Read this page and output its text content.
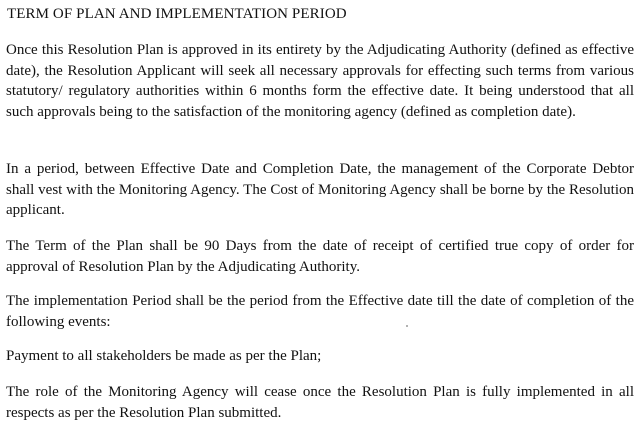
TERM OF PLAN AND IMPLEMENTATION PERIOD

Once this Resolution Plan is approved in its entirety by the Adjudicating Authority (defined as effective date), the Resolution Applicant will seek all necessary approvals for effecting such terms from various statutory/ regulatory authorities within 6 months form the effective date. It being understood that all such approvals being to the satisfaction of the monitoring agency (defined as completion date).

In a period, between Effective Date and Completion Date, the management of the Corporate Debtor shall vest with the Monitoring Agency. The Cost of Monitoring Agency shall be borne by the Resolution applicant.

The Term of the Plan shall be 90 Days from the date of receipt of certified true copy of order for approval of Resolution Plan by the Adjudicating Authority.

The implementation Period shall be the period from the Effective date till the date of completion of the following events:

Payment to all stakeholders be made as per the Plan;

The role of the Monitoring Agency will cease once the Resolution Plan is fully implemented in all respects as per the Resolution Plan submitted.
